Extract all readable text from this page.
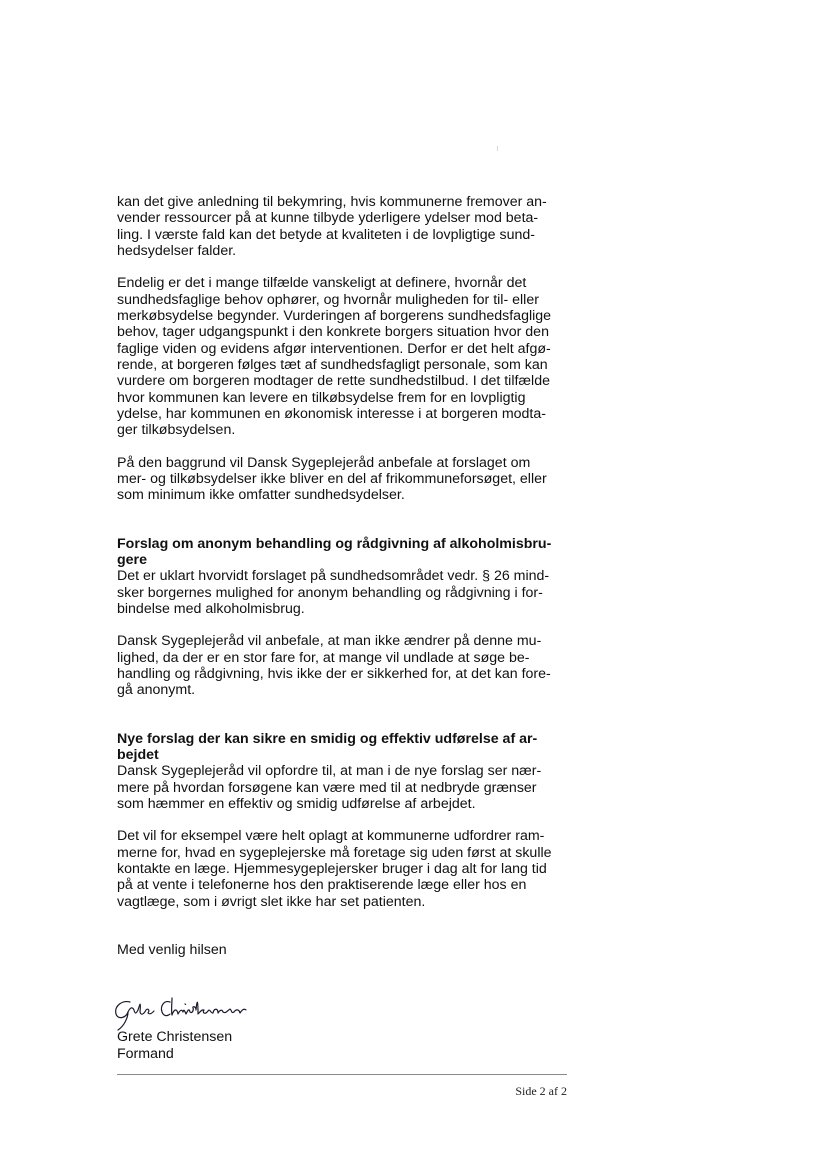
kan det give anledning til bekymring, hvis kommunerne fremover an-
vender ressourcer på at kunne tilbyde yderligere ydelser mod beta-
ling. I værste fald kan det betyde at kvaliteten i de lovpligtige sund-
hedsydelser falder.

Endelig er det i mange tilfælde vanskeligt at definere, hvornår det
sundhedsfaglige behov ophører, og hvornår muligheden for til- eller
merkøbsydelse begynder. Vurderingen af borgerens sundhedsfaglige
behov, tager udgangspunkt i den konkrete borgers situation hvor den
faglige viden og evidens afgør interventionen. Derfor er det helt afgø-
rende, at borgeren følges tæt af sundhedsfagligt personale, som kan
vurdere om borgeren modtager de rette sundhedstilbud. I det tilfælde
hvor kommunen kan levere en tilkøbsydelse frem for en lovpligtig
ydelse, har kommunen en økonomisk interesse i at borgeren modta-
ger tilkøbsydelsen.

På den baggrund vil Dansk Sygeplejeråd anbefale at forslaget om
mer- og tilkøbsydelser ikke bliver en del af frikommuneforsøget, eller
som minimum ikke omfatter sundhedsydelser.

Forslag om anonym behandling og rådgivning af alkoholmisbru-
gere

Det er uklart hvorvidt forslaget på sundhedsområdet vedr. § 26 mind-
sker borgernes mulighed for anonym behandling og rådgivning i for-
bindelse med alkoholmisbrug.

Dansk Sygeplejeråd vil anbefale, at man ikke ændrer på denne mu-
lighed, da der er en stor fare for, at mange vil undlade at søge be-
handling og rådgivning, hvis ikke der er sikkerhed for, at det kan fore-
gå anonymt.

Nye forslag der kan sikre en smidig og effektiv udførelse af ar-
bejdet

Dansk Sygeplejeråd vil opfordre til, at man i de nye forslag ser nær-
mere på hvordan forsøgene kan være med til at nedbryde grænser
som hæmmer en effektiv og smidig udførelse af arbejdet.

Det vil for eksempel være helt oplagt at kommunerne udfordrer ram-
merne for, hvad en sygeplejerske må foretage sig uden først at skulle
kontakte en læge. Hjemmesygeplejersker bruger i dag alt for lang tid
på at vente i telefonerne hos den praktiserende læge eller hos en
vagtlæge, som i øvrigt slet ikke har set patienten.

Med venlig hilsen

Grete Christensen
Formand
Side 2 af 2
